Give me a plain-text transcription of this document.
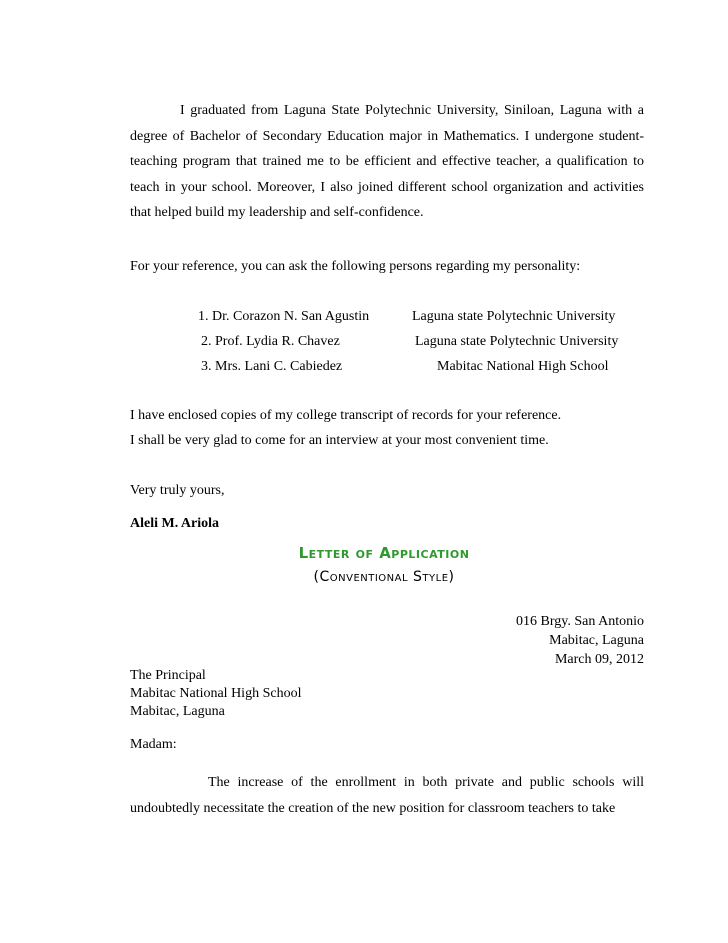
I graduated from Laguna State Polytechnic University, Siniloan, Laguna with a degree of Bachelor of Secondary Education major in Mathematics. I undergone student-teaching program that trained me to be efficient and effective teacher, a qualification to teach in your school. Moreover, I also joined different school organization and activities that helped build my leadership and self-confidence.

For your reference, you can ask the following persons regarding my personality:

1. Dr. Corazon N. San Agustin	Laguna state Polytechnic University
2. Prof. Lydia R. Chavez	Laguna state Polytechnic University
3. Mrs. Lani C. Cabiedez	Mabitac National High School

I have enclosed copies of my college transcript of records for your reference.

I shall be very glad to come for an interview at your most convenient time.

Very truly yours,

Aleli M. Ariola

Letter of Application
(Conventional Style)
016 Brgy. San Antonio
Mabitac, Laguna
March 09, 2012

The Principal

Mabitac National High School

Mabitac, Laguna

Madam:

The increase of the enrollment in both private and public schools will undoubtedly necessitate the creation of the new position for classroom teachers to take
